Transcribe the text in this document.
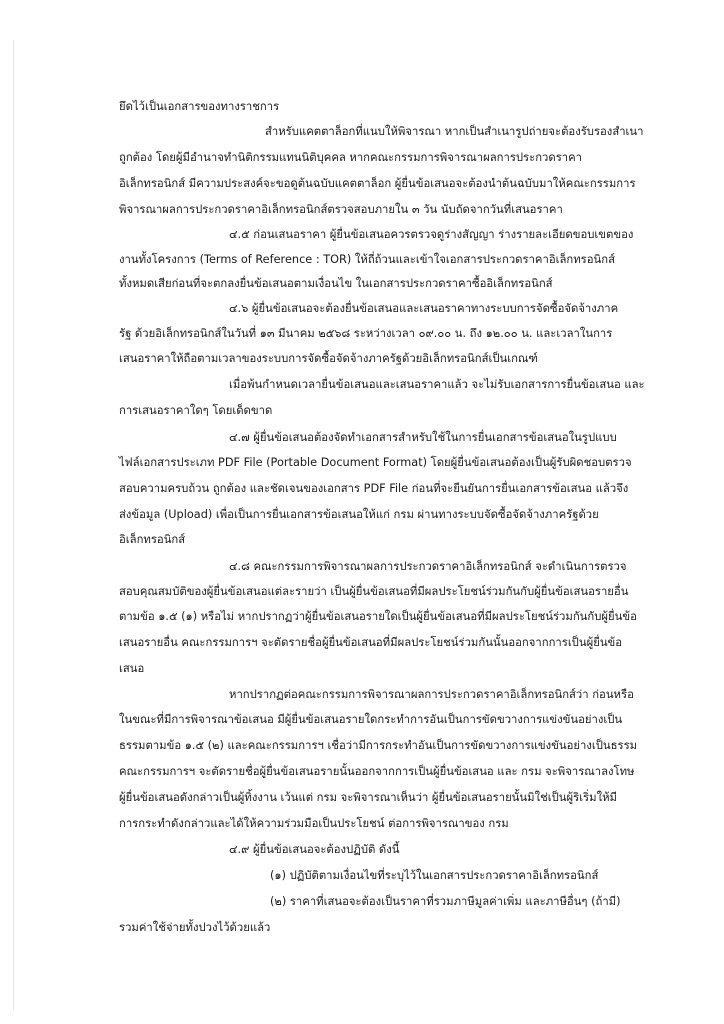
ยึดไว้เป็นเอกสารของทางราชการ
สำหรับแคตตาล็อกที่แนบให้พิจารณา หากเป็นสำเนารูปถ่ายจะต้องรับรองสำเนา
ถูกต้อง โดยผู้มีอำนาจทำนิติกรรมแทนนิติบุคคล หากคณะกรรมการพิจารณาผลการประกวดราคา
อิเล็กทรอนิกส์ มีความประสงค์จะขอดูต้นฉบับแคตตาล็อก ผู้ยื่นข้อเสนอจะต้องนำต้นฉบับมาให้คณะกรรมการ
พิจารณาผลการประกวดราคาอิเล็กทรอนิกส์ตรวจสอบภายใน ๓ วัน นับถัดจากวันที่เสนอราคา
๔.๕ ก่อนเสนอราคา ผู้ยื่นข้อเสนอควรตรวจดูร่างสัญญา ร่างรายละเอียดขอบเขตของ
งานทั้งโครงการ (Terms of Reference : TOR) ให้ถี่ถ้วนและเข้าใจเอกสารประกวดราคาอิเล็กทรอนิกส์
ทั้งหมดเสียก่อนที่จะตกลงยื่นข้อเสนอตามเงื่อนไข ในเอกสารประกวดราคาซื้ออิเล็กทรอนิกส์
๔.๖ ผู้ยื่นข้อเสนอจะต้องยื่นข้อเสนอและเสนอราคาทางระบบการจัดซื้อจัดจ้างภาค
รัฐ ด้วยอิเล็กทรอนิกส์ในวันที่ ๑๓ มีนาคม ๒๕๖๘ ระหว่างเวลา ๐๙.๐๐ น. ถึง ๑๒.๐๐ น. และเวลาในการ
เสนอราคาให้ถือตามเวลาของระบบการจัดซื้อจัดจ้างภาครัฐด้วยอิเล็กทรอนิกส์เป็นเกณฑ์
เมื่อพ้นกำหนดเวลายื่นข้อเสนอและเสนอราคาแล้ว จะไม่รับเอกสารการยื่นข้อเสนอ และ
การเสนอราคาใดๆ โดยเด็ดขาด
๔.๗ ผู้ยื่นข้อเสนอต้องจัดทำเอกสารสำหรับใช้ในการยื่นเอกสารข้อเสนอในรูปแบบ
ไฟล์เอกสารประเภท PDF File (Portable Document Format) โดยผู้ยื่นข้อเสนอต้องเป็นผู้รับผิดชอบตรวจ
สอบความครบถ้วน ถูกต้อง และชัดเจนของเอกสาร PDF File ก่อนที่จะยืนยันการยื่นเอกสารข้อเสนอ แล้วจึง
ส่งข้อมูล (Upload) เพื่อเป็นการยื่นเอกสารข้อเสนอให้แก่ กรม ผ่านทางระบบจัดซื้อจัดจ้างภาครัฐด้วย
อิเล็กทรอนิกส์
๔.๘ คณะกรรมการพิจารณาผลการประกวดราคาอิเล็กทรอนิกส์ จะดำเนินการตรวจ
สอบคุณสมบัติของผู้ยื่นข้อเสนอแต่ละรายว่า เป็นผู้ยื่นข้อเสนอที่มีผลประโยชน์ร่วมกันกับผู้ยื่นข้อเสนอรายอื่น
ตามข้อ ๑.๕ (๑) หรือไม่ หากปรากฏว่าผู้ยื่นข้อเสนอรายใดเป็นผู้ยื่นข้อเสนอที่มีผลประโยชน์ร่วมกันกับผู้ยื่นข้อ
เสนอรายอื่น คณะกรรมการฯ จะตัดรายชื่อผู้ยื่นข้อเสนอที่มีผลประโยชน์ร่วมกันนั้นออกจากการเป็นผู้ยื่นข้อ
เสนอ
หากปรากฏต่อคณะกรรมการพิจารณาผลการประกวดราคาอิเล็กทรอนิกส์ว่า ก่อนหรือ
ในขณะที่มีการพิจารณาข้อเสนอ มีผู้ยื่นข้อเสนอรายใดกระทำการอันเป็นการขัดขวางการแข่งขันอย่างเป็น
ธรรมตามข้อ ๑.๕ (๒) และคณะกรรมการฯ เชื่อว่ามีการกระทำอันเป็นการขัดขวางการแข่งขันอย่างเป็นธรรม
คณะกรรมการฯ จะตัดรายชื่อผู้ยื่นข้อเสนอรายนั้นออกจากการเป็นผู้ยื่นข้อเสนอ และ กรม จะพิจารณาลงโทษ
ผู้ยื่นข้อเสนอดังกล่าวเป็นผู้ทิ้งงาน เว้นแต่ กรม จะพิจารณาเห็นว่า ผู้ยื่นข้อเสนอรายนั้นมิใช่เป็นผู้ริเริ่มให้มี
การกระทำดังกล่าวและได้ให้ความร่วมมือเป็นประโยชน์ ต่อการพิจารณาของ กรม
๔.๙ ผู้ยื่นข้อเสนอจะต้องปฏิบัติ ดังนี้
(๑) ปฏิบัติตามเงื่อนไขที่ระบุไว้ในเอกสารประกวดราคาอิเล็กทรอนิกส์
(๒) ราคาที่เสนอจะต้องเป็นราคาที่รวมภาษีมูลค่าเพิ่ม และภาษีอื่นๆ (ถ้ามี)
รวมค่าใช้จ่ายทั้งปวงไว้ด้วยแล้ว
